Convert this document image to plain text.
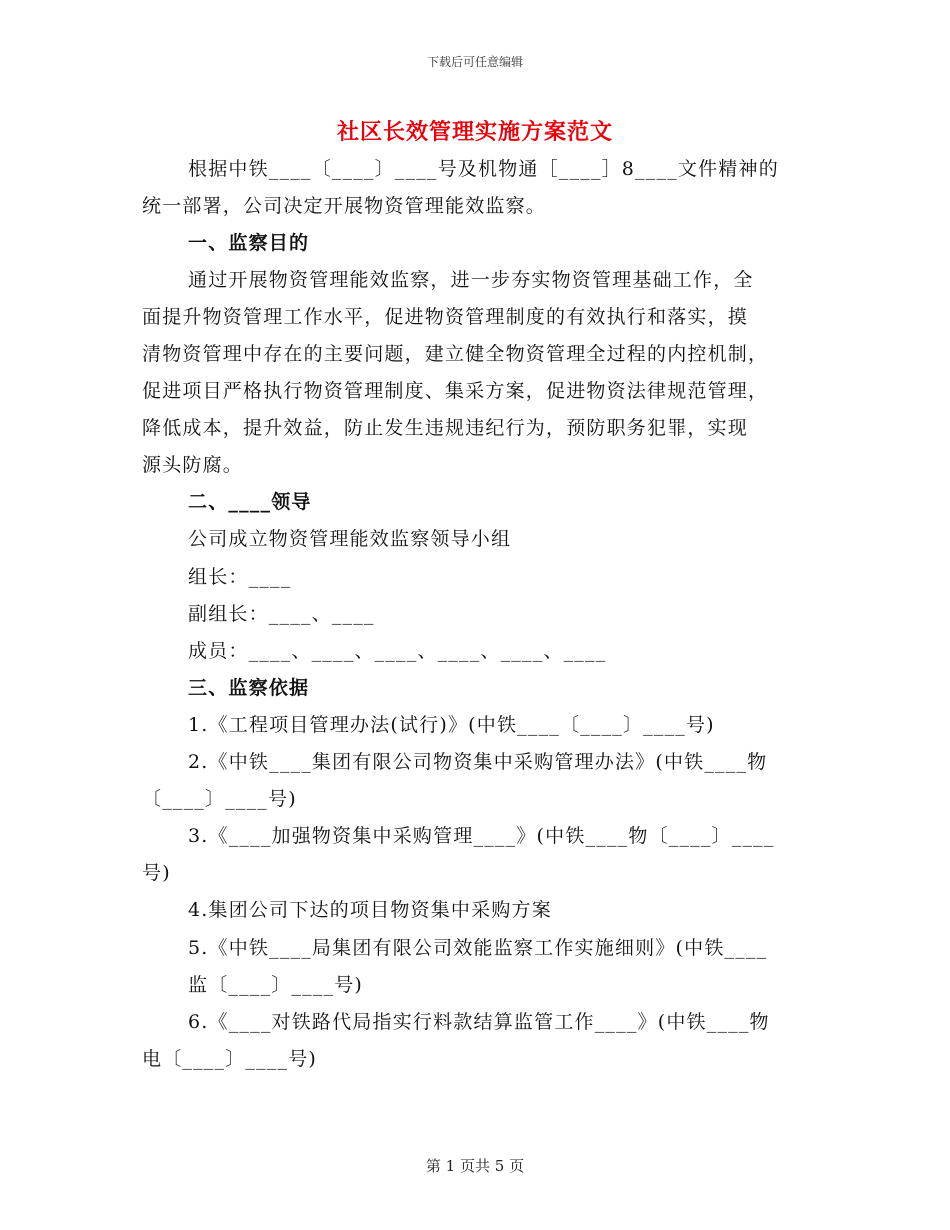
下载后可任意编辑
社区长效管理实施方案范文
根据中铁____〔____〕____号及机物通［____］8____文件精神的
统一部署，公司决定开展物资管理能效监察。
一、监察目的
通过开展物资管理能效监察，进一步夯实物资管理基础工作，全
面提升物资管理工作水平，促进物资管理制度的有效执行和落实，摸
清物资管理中存在的主要问题，建立健全物资管理全过程的内控机制，
促进项目严格执行物资管理制度、集采方案，促进物资法律规范管理，
降低成本，提升效益，防止发生违规违纪行为，预防职务犯罪，实现
源头防腐。
二、____领导
公司成立物资管理能效监察领导小组
组长：____
副组长：____、____
成员：____、____、____、____、____、____
三、监察依据
1.《工程项目管理办法(试行)》(中铁____〔____〕____号)
2.《中铁____集团有限公司物资集中采购管理办法》(中铁____物
〔____〕____号)
3.《____加强物资集中采购管理____》(中铁____物〔____〕____
号)
4.集团公司下达的项目物资集中采购方案
5.《中铁____局集团有限公司效能监察工作实施细则》(中铁____
监〔____〕____号)
6.《____对铁路代局指实行料款结算监管工作____》(中铁____物
电〔____〕____号)
第 1 页共 5 页
